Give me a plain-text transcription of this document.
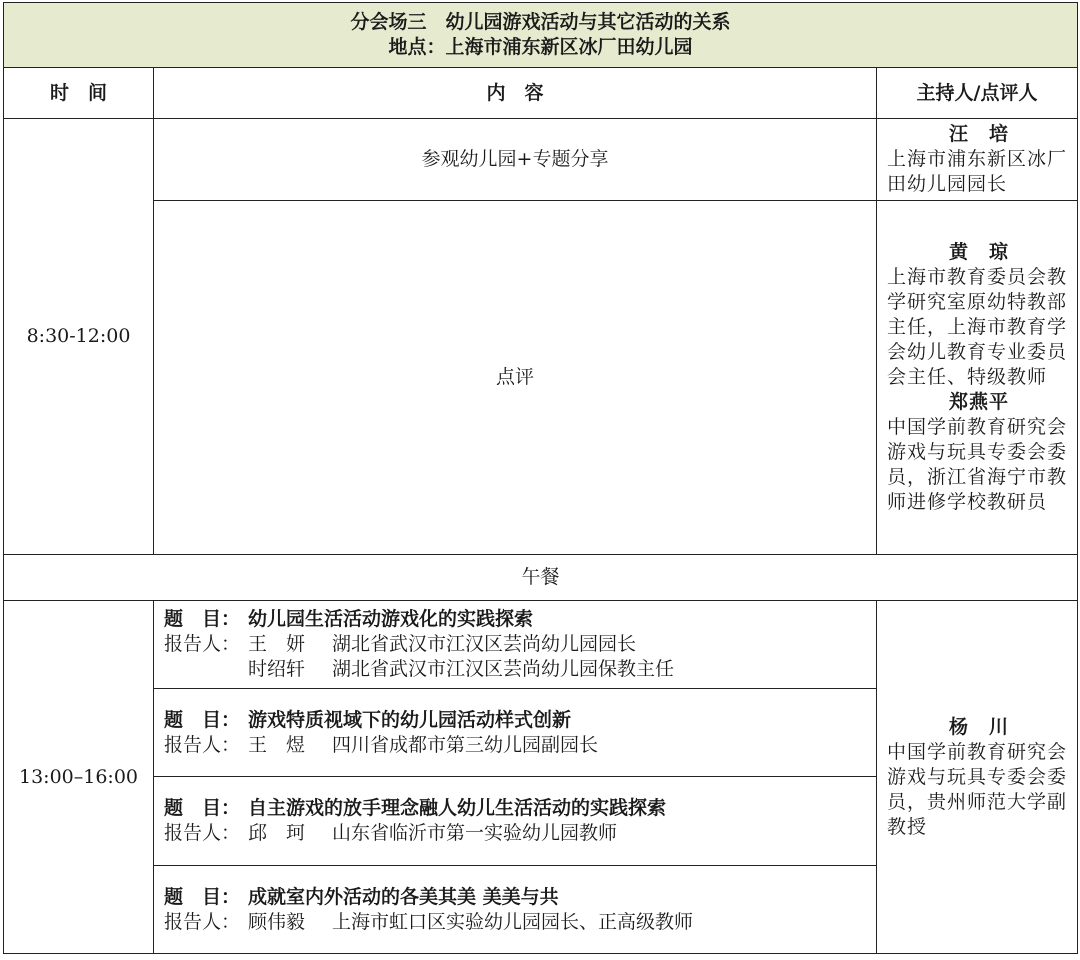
分会场三　幼儿园游戏活动与其它活动的关系
地点：上海市浦东新区冰厂田幼儿园		

时　间	内　容	主持人/点评人
8:30-12:00	参观幼儿园+专题分享	汪　培
上海市浦东新区冰厂田幼儿园园长

	点评	黄　琼
上海市教育委员会教学研究室原幼特教部主任，上海市教育学会幼儿教育专业委员会主任、特级教师
郑燕平
中国学前教育研究会游戏与玩具专委会委员，浙江省海宁市教师进修学校教研员

午餐		
13:00–16:00	题　目： 幼儿园生活活动游戏化的实践探索
报告人： 王　妍 湖北省武汉市江汉区芸尚幼儿园园长
时绍轩 湖北省武汉市江汉区芸尚幼儿园保教主任	杨　川
中国学前教育研究会游戏与玩具专委会委员，贵州师范大学副教授

	题　目： 游戏特质视域下的幼儿园活动样式创新
报告人： 王　煜 四川省成都市第三幼儿园副园长	

	题　目： 自主游戏的放手理念融人幼儿生活活动的实践探索
报告人： 邱　珂 山东省临沂市第一实验幼儿园教师	

	题　目： 成就室内外活动的各美其美 美美与共
报告人： 顾伟毅 上海市虹口区实验幼儿园园长、正高级教师	
